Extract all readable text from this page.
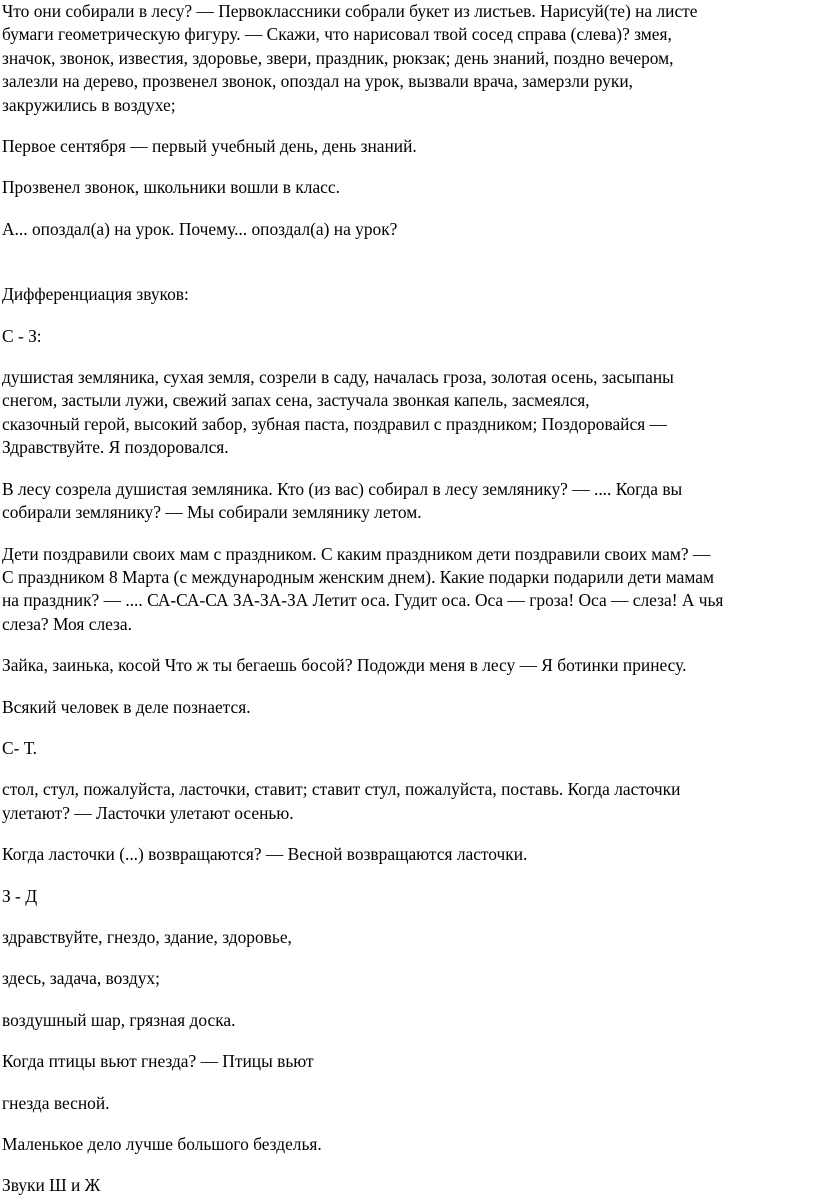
Что они собирали в лесу? — Первоклассники собрали букет из листьев. Нарисуй(те) на листе
бумаги геометрическую фигуру. — Скажи, что нарисовал твой сосед справа (слева)? змея,
значок, звонок, известия, здоровье, звери, праздник, рюкзак; день знаний, поздно вечером,
залезли на дерево, прозвенел звонок, опоздал на урок, вызвали врача, замерзли руки,
закружились в воздухе;

Первое сентября — первый учебный день, день знаний.

Прозвенел звонок, школьники вошли в класс.

А... опоздал(а) на урок. Почему... опоздал(а) на урок?

Дифференциация звуков:

С - З:

душистая земляника, сухая земля, созрели в саду, началась гроза, золотая осень, засыпаны
снегом, застыли лужи, свежий запах сена, застучала звонкая капель, засмеялся,
сказочный герой, высокий забор, зубная паста, поздравил с праздником; Поздоровайся —
Здравствуйте. Я поздоровался.

В лесу созрела душистая земляника. Кто (из вас) собирал в лесу землянику? — .... Когда вы
собирали землянику? — Мы собирали землянику летом.

Дети поздравили своих мам с праздником. С каким праздником дети поздравили своих мам? —
С праздником 8 Марта (с международным женским днем). Какие подарки подарили дети мамам
на праздник? — .... СА-СА-СА ЗА-ЗА-ЗА Летит оса. Гудит оса. Оса — гроза! Оса — слеза! А чья
слеза? Моя слеза.

Зайка, заинька, косой Что ж ты бегаешь босой? Подожди меня в лесу — Я ботинки принесу.

Всякий человек в деле познается.

С- Т.

стол, стул, пожалуйста, ласточки, ставит; ставит стул, пожалуйста, поставь. Когда ласточки
улетают? — Ласточки улетают осенью.

Когда ласточки (...) возвращаются? — Весной возвращаются ласточки.

З - Д

здравствуйте, гнездо, здание, здоровье,

здесь, задача, воздух;

воздушный шар, грязная доска.

Когда птицы вьют гнезда? — Птицы вьют

гнезда весной.

Маленькое дело лучше большого безделья.

Звуки Ш и Ж
